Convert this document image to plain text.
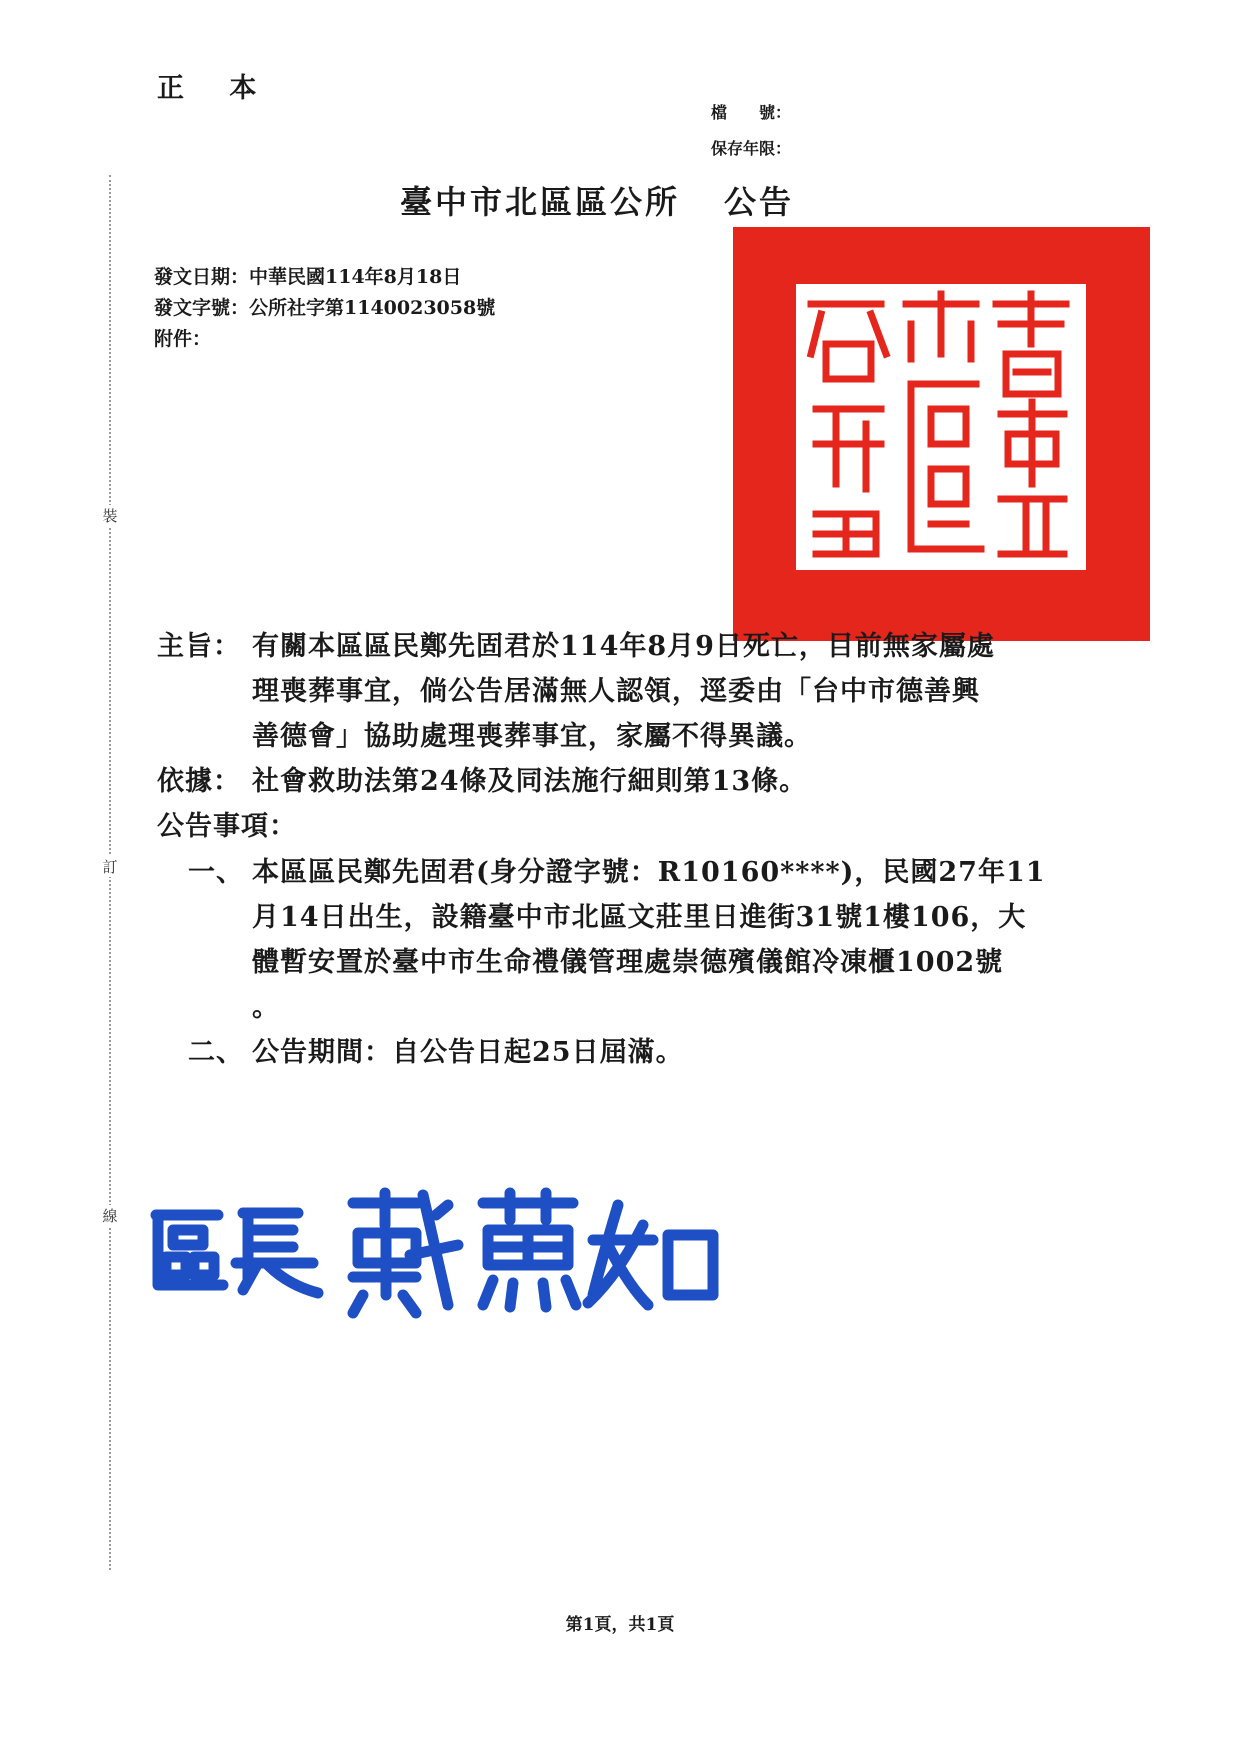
裝
訂
線
正 本
檔　　號：
保存年限：
臺中市北區區公所 公告
發文日期：中華民國114年8月18日
發文字號：公所社字第1140023058號
附件：
主旨： 有關本區區民鄭先固君於114年8月9日死亡，目前無家屬處
理喪葬事宜，倘公告居滿無人認領，逕委由「台中市德善興
善德會」協助處理喪葬事宜，家屬不得異議。
依據： 社會救助法第24條及同法施行細則第13條。
公告事項：
一、 本區區民鄭先固君(身分證字號：R10160****)，民國27年11
月14日出生，設籍臺中市北區文莊里日進街31號1樓106，大
體暫安置於臺中市生命禮儀管理處崇德殯儀館冷凍櫃1002號
。
二、 公告期間：自公告日起25日屆滿。
第1頁，共1頁
